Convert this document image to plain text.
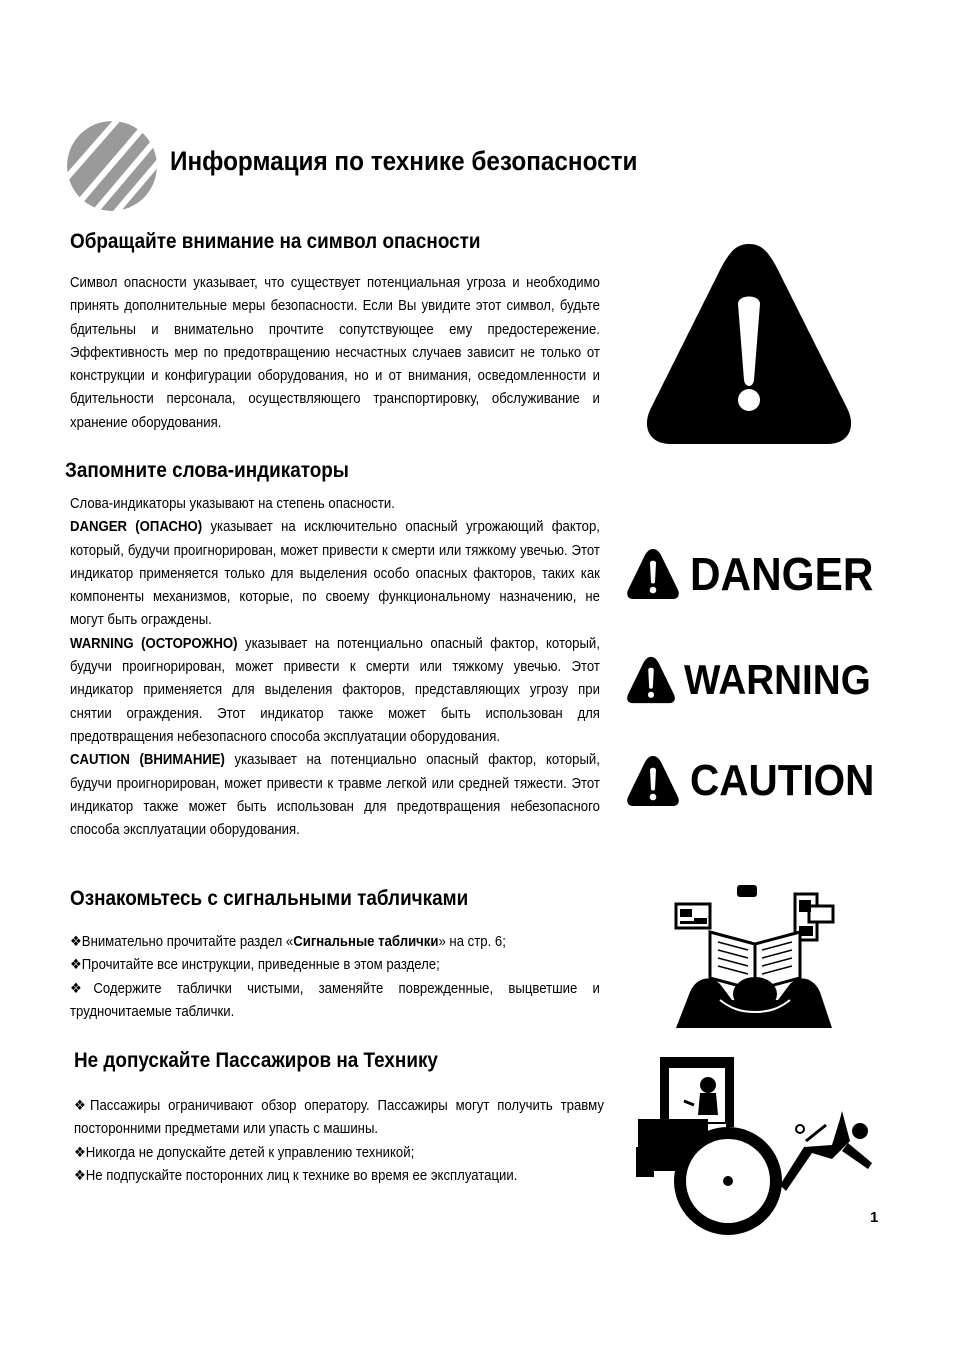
Информация по технике безопасности
Обращайте внимание на символ опасности

Символ опасности указывает, что существует потенциальная угроза и необходимо принять дополнительные меры безопасности. Если Вы увидите этот символ, будьте бдительны и внимательно прочтите сопутствующее ему предостережение. Эффективность мер по предотвращению несчастных случаев зависит не только от конструкции и конфигурации оборудования, но и от внимания, осведомленности и бдительности персонала, осуществляющего транспортировку, обслуживание и хранение оборудования.

Запомните слова-индикаторы

Слова-индикаторы указывают на степень опасности.

DANGER (ОПАСНО) указывает на исключительно опасный угрожающий фактор, который, будучи проигнорирован, может привести к смерти или тяжкому увечью. Этот индикатор применяется только для выделения особо опасных факторов, таких как компоненты механизмов, которые, по своему функциональному назначению, не могут быть ограждены.

WARNING (ОСТОРОЖНО) указывает на потенциально опасный фактор, который, будучи проигнорирован, может привести к смерти или тяжкому увечью. Этот индикатор применяется для выделения факторов, представляющих угрозу при снятии ограждения. Этот индикатор также может быть использован для предотвращения небезопасного способа эксплуатации оборудования.

CAUTION (ВНИМАНИЕ) указывает на потенциально опасный фактор, который, будучи проигнорирован, может привести к травме легкой или средней тяжести. Этот индикатор также может быть использован для предотвращения небезопасного способа эксплуатации оборудования.

DANGER
WARNING
CAUTION
Ознакомьтесь с сигнальными табличками

❖Внимательно прочитайте раздел «Сигнальные таблички» на стр. 6;

❖Прочитайте все инструкции, приведенные в этом разделе;

❖Содержите таблички чистыми, заменяйте поврежденные, выцветшие и трудночитаемые таблички.

Не допускайте Пассажиров на Технику

❖Пассажиры ограничивают обзор оператору. Пассажиры могут получить травму посторонними предметами или упасть с машины.

❖Никогда не допускайте детей к управлению техникой;

❖Не подпускайте посторонних лиц к технике во время ее эксплуатации.

1
